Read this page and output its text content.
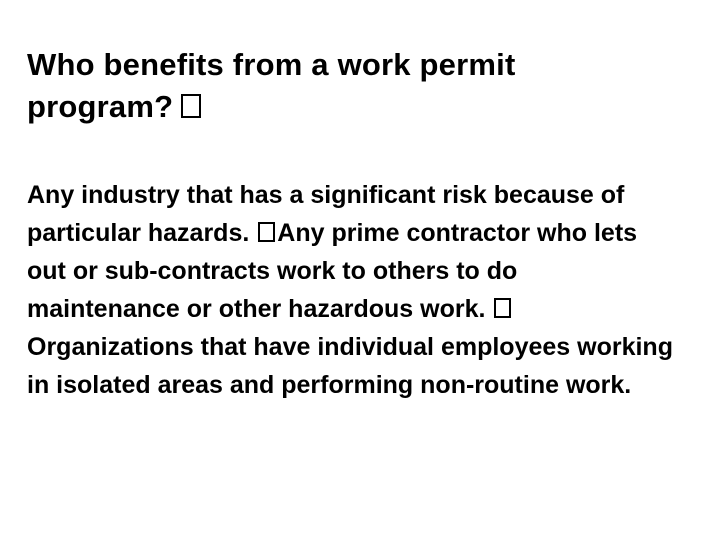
Who benefits from a work permit program?
Any industry that has a significant risk because of particular hazards. Any prime contractor who lets out or sub-contracts work to others to do maintenance or other hazardous work.  Organizations that have individual employees working in isolated areas and performing non-routine work.
